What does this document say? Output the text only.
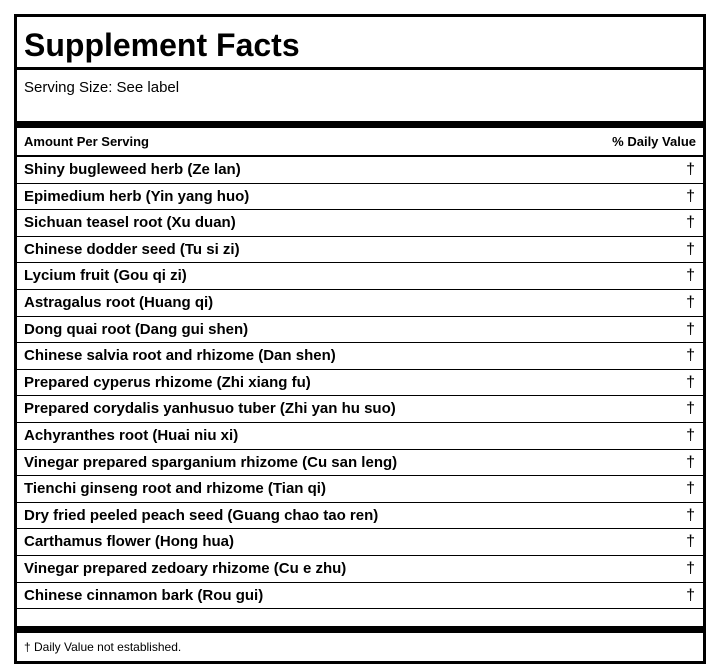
Supplement Facts
Serving Size: See label
Amount Per Serving	% Daily Value
Shiny bugleweed herb (Ze lan)	†
Epimedium herb (Yin yang huo)	†
Sichuan teasel root (Xu duan)	†
Chinese dodder seed (Tu si zi)	†
Lycium fruit (Gou qi zi)	†
Astragalus root (Huang qi)	†
Dong quai root (Dang gui shen)	†
Chinese salvia root and rhizome (Dan shen)	†
Prepared cyperus rhizome (Zhi xiang fu)	†
Prepared corydalis yanhusuo tuber (Zhi yan hu suo)	†
Achyranthes root (Huai niu xi)	†
Vinegar prepared sparganium rhizome (Cu san leng)	†
Tienchi ginseng root and rhizome (Tian qi)	†
Dry fried peeled peach seed (Guang chao tao ren)	†
Carthamus flower (Hong hua)	†
Vinegar prepared zedoary rhizome (Cu e zhu)	†
Chinese cinnamon bark (Rou gui)	†
† Daily Value not established.
